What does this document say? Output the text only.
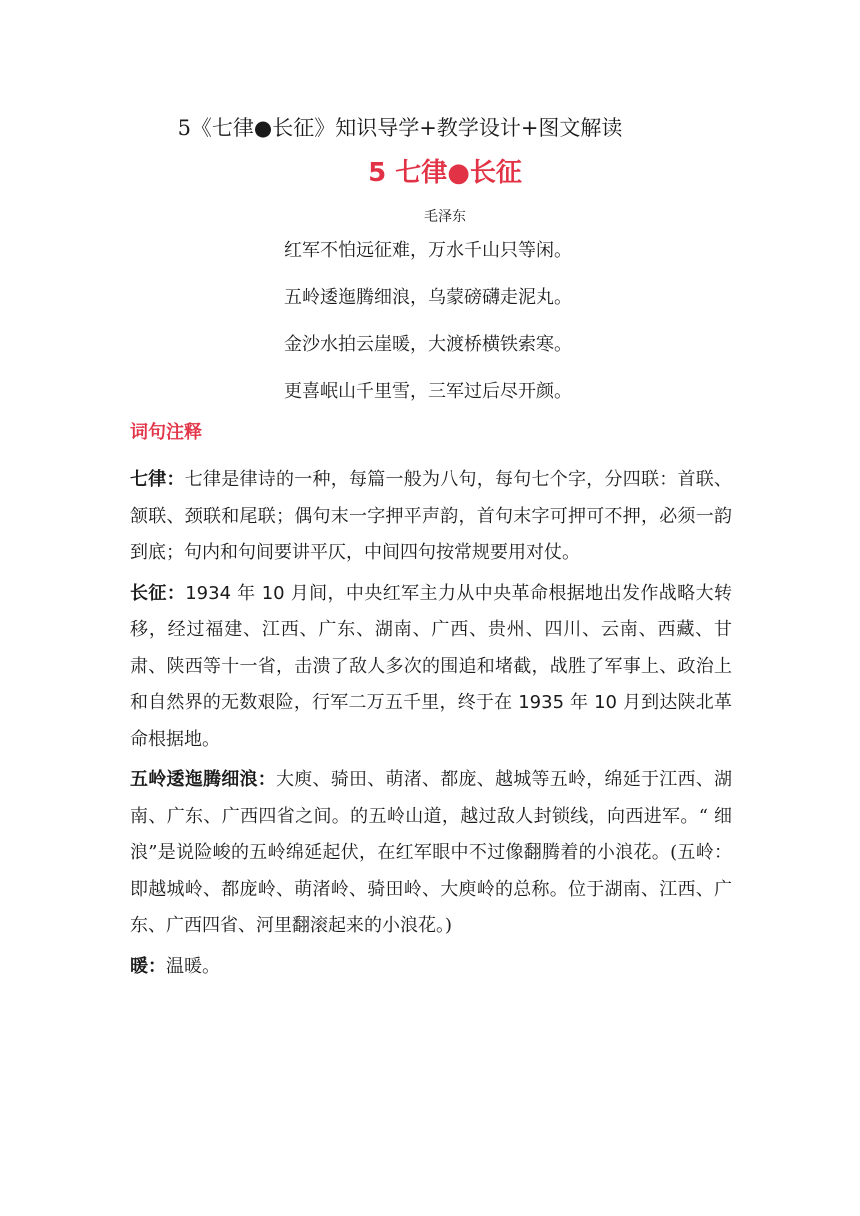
5《七律●长征》知识导学+教学设计+图文解读
5 七律●长征
毛泽东
红军不怕远征难，万水千山只等闲。
五岭逶迤腾细浪，乌蒙磅礴走泥丸。
金沙水拍云崖暖，大渡桥横铁索寒。
更喜岷山千里雪，三军过后尽开颜。
词句注释

七律：七律是律诗的一种，每篇一般为八句，每句七个字，分四联：首联、颔联、颈联和尾联；偶句末一字押平声韵，首句末字可押可不押，必须一韵到底；句内和句间要讲平仄，中间四句按常规要用对仗。

长征：1934 年 10 月间，中央红军主力从中央革命根据地出发作战略大转移，经过福建、江西、广东、湖南、广西、贵州、四川、云南、西藏、甘肃、陕西等十一省，击溃了敌人多次的围追和堵截，战胜了军事上、政治上和自然界的无数艰险，行军二万五千里，终于在 1935 年 10 月到达陕北革命根据地。

五岭逶迤腾细浪：大庾、骑田、萌渚、都庞、越城等五岭，绵延于江西、湖南、广东、广西四省之间。的五岭山道，越过敌人封锁线，向西进军。“ 细浪”是说险峻的五岭绵延起伏，在红军眼中不过像翻腾着的小浪花。(五岭：即越城岭、都庞岭、萌渚岭、骑田岭、大庾岭的总称。位于湖南、江西、广东、广西四省、河里翻滚起来的小浪花。)

暖：温暖。
